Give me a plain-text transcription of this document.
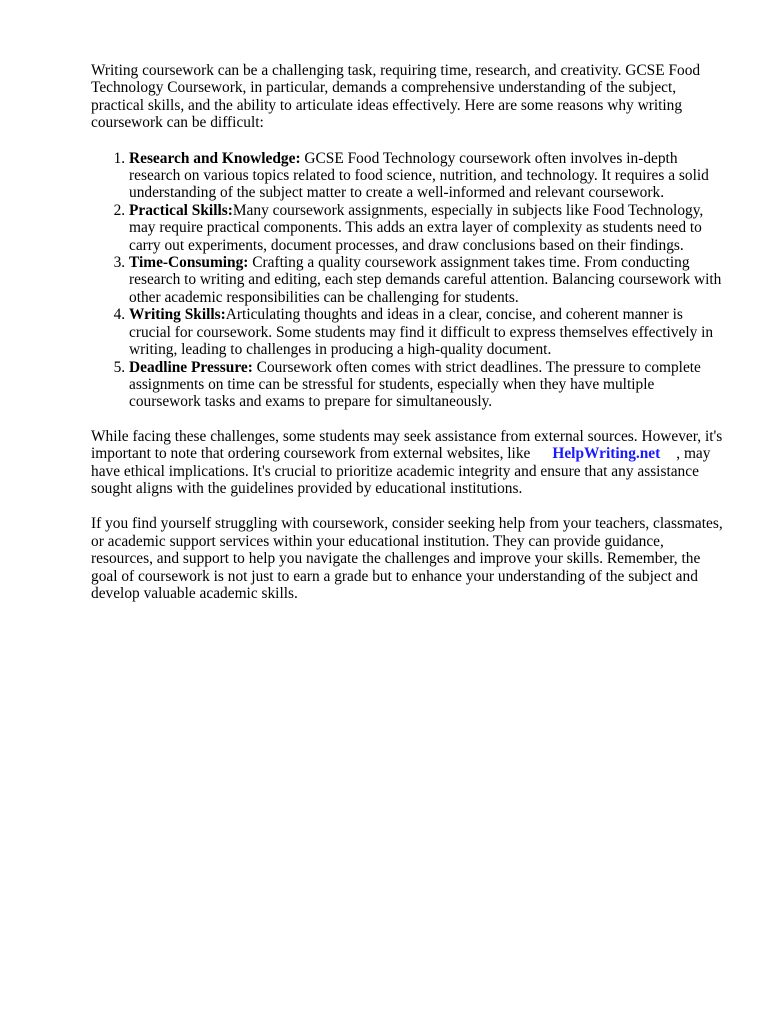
Writing coursework can be a challenging task, requiring time, research, and creativity. GCSE Food Technology Coursework, in particular, demands a comprehensive understanding of the subject, practical skills, and the ability to articulate ideas effectively. Here are some reasons why writing coursework can be difficult:

1. Research and Knowledge: GCSE Food Technology coursework often involves in-depth research on various topics related to food science, nutrition, and technology. It requires a solid understanding of the subject matter to create a well-informed and relevant coursework.
2. Practical Skills:Many coursework assignments, especially in subjects like Food Technology, may require practical components. This adds an extra layer of complexity as students need to carry out experiments, document processes, and draw conclusions based on their findings.
3. Time-Consuming: Crafting a quality coursework assignment takes time. From conducting research to writing and editing, each step demands careful attention. Balancing coursework with other academic responsibilities can be challenging for students.
4. Writing Skills:Articulating thoughts and ideas in a clear, concise, and coherent manner is crucial for coursework. Some students may find it difficult to express themselves effectively in writing, leading to challenges in producing a high-quality document.
5. Deadline Pressure: Coursework often comes with strict deadlines. The pressure to complete assignments on time can be stressful for students, especially when they have multiple coursework tasks and exams to prepare for simultaneously.

While facing these challenges, some students may seek assistance from external sources. However, it's important to note that ordering coursework from external websites, like HelpWriting.net , may have ethical implications. It's crucial to prioritize academic integrity and ensure that any assistance sought aligns with the guidelines provided by educational institutions.

If you find yourself struggling with coursework, consider seeking help from your teachers, classmates, or academic support services within your educational institution. They can provide guidance, resources, and support to help you navigate the challenges and improve your skills. Remember, the goal of coursework is not just to earn a grade but to enhance your understanding of the subject and develop valuable academic skills.
